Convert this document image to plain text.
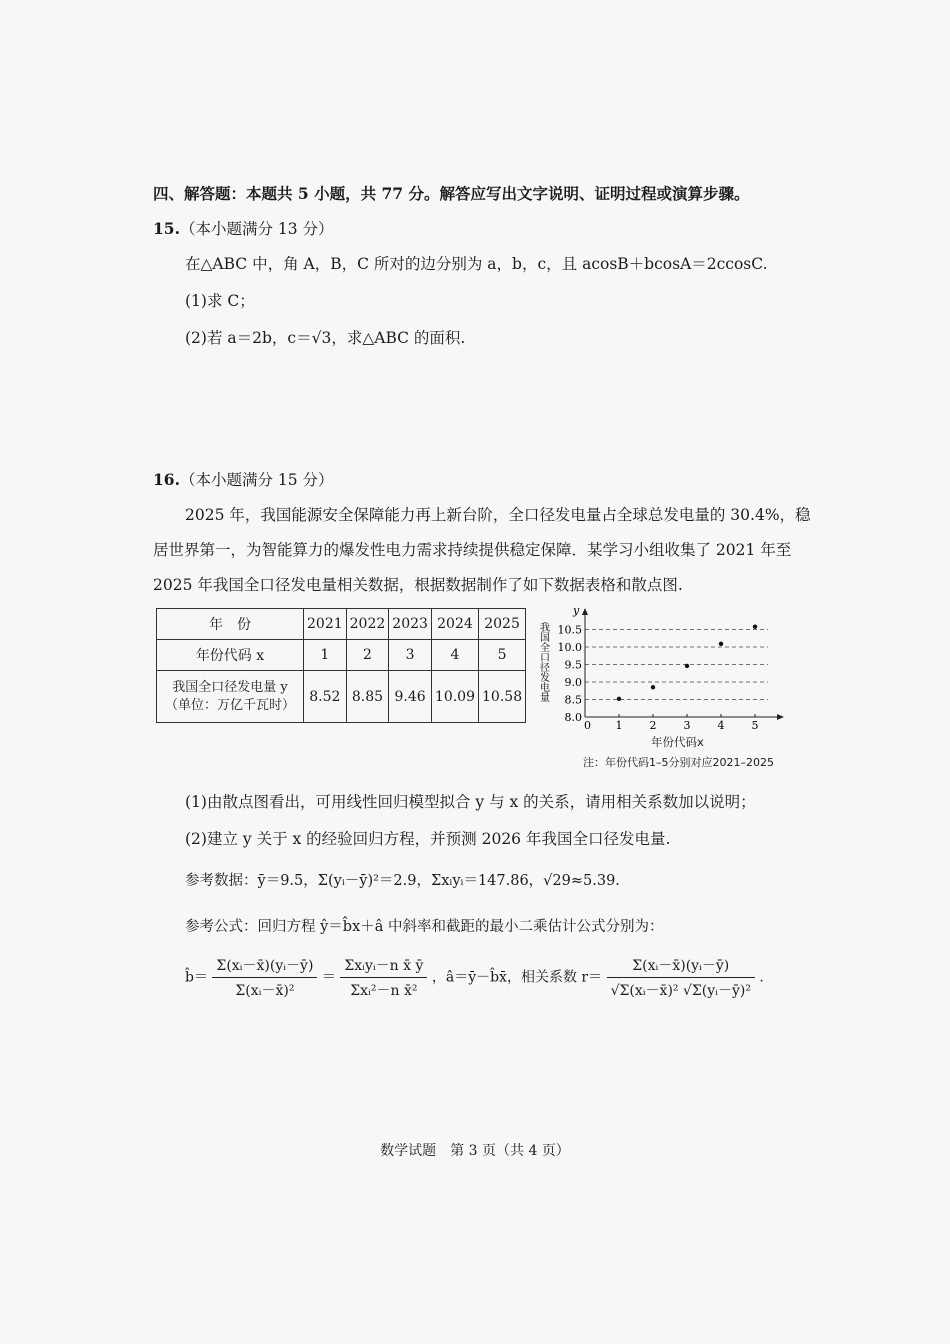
四、解答题：本题共 5 小题，共 77 分。解答应写出文字说明、证明过程或演算步骤。
15.（本小题满分 13 分）
在△ABC 中，角 A，B，C 所对的边分别为 a，b，c，且 acosB＋bcosA＝2ccosC.
(1)求 C；
(2)若 a＝2b，c＝√3，求△ABC 的面积.
16.（本小题满分 15 分）
2025 年，我国能源安全保障能力再上新台阶，全口径发电量占全球总发电量的 30.4%，稳
居世界第一，为智能算力的爆发性电力需求持续提供稳定保障．某学习小组收集了 2021 年至
2025 年我国全口径发电量相关数据，根据数据制作了如下数据表格和散点图.
年　份	2021	2022	2023	2024	2025
年份代码 x	1	2	3	4	5
我国全口径发电量 y
（单位：万亿千瓦时）	8.52	8.85	9.46	10.09	10.58
y
0
我国全口径发电量
8.0
8.5
9.0
9.5
10.0
10.5
1 2 3 4 5
年份代码x
注：年份代码1–5分别对应2021–2025
(1)由散点图看出，可用线性回归模型拟合 y 与 x 的关系，请用相关系数加以说明；
(2)建立 y 关于 x 的经验回归方程，并预测 2026 年我国全口径发电量.
参考数据：ȳ＝9.5，Σ(yᵢ－ȳ)²＝2.9，Σxᵢyᵢ＝147.86，√29≈5.39.
参考公式：回归方程 ŷ＝b̂x＋â 中斜率和截距的最小二乘估计公式分别为：
b̂＝ $\frac{\text{Σ(xᵢ－x̄)(yᵢ－ȳ)}}{\text{Σ(xᵢ－x̄)²}} = \frac{\text{Σxᵢyᵢ－n x̄ ȳ}}{\text{Σxᵢ²－n x̄²}}$ ，â＝ȳ－b̂x̄，相关系数 $r= \frac{\text{Σ(xᵢ－x̄)(yᵢ－ȳ)}}{\text{√Σ(xᵢ－x̄)² √Σ(yᵢ－ȳ)²}}$ .
数学试题　第 3 页（共 4 页）
